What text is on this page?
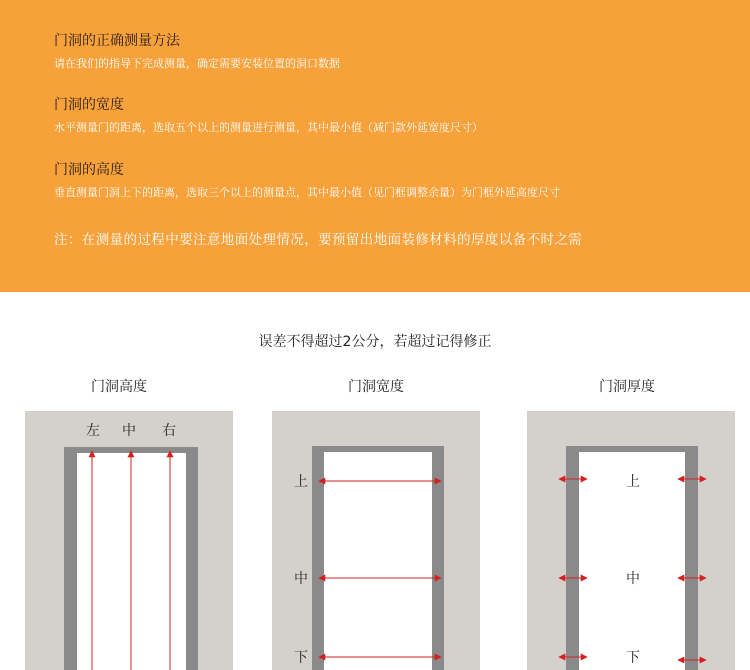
门洞的正确测量方法
请在我们的指导下完成测量，确定需要安装位置的洞口数据
门洞的宽度
水平测量门的距离，选取五个以上的测量进行测量，其中最小值（减门款外延宽度尺寸）
门洞的高度
垂直测量门洞上下的距离，选取三个以上的测量点，其中最小值（见门框调整余量）为门框外延高度尺寸
注：在测量的过程中要注意地面处理情况，要预留出地面装修材料的厚度以备不时之需
误差不得超过2公分，若超过记得修正
门洞高度	门洞宽度	门洞厚度
左 中 右
上
中
下
上
中
下
